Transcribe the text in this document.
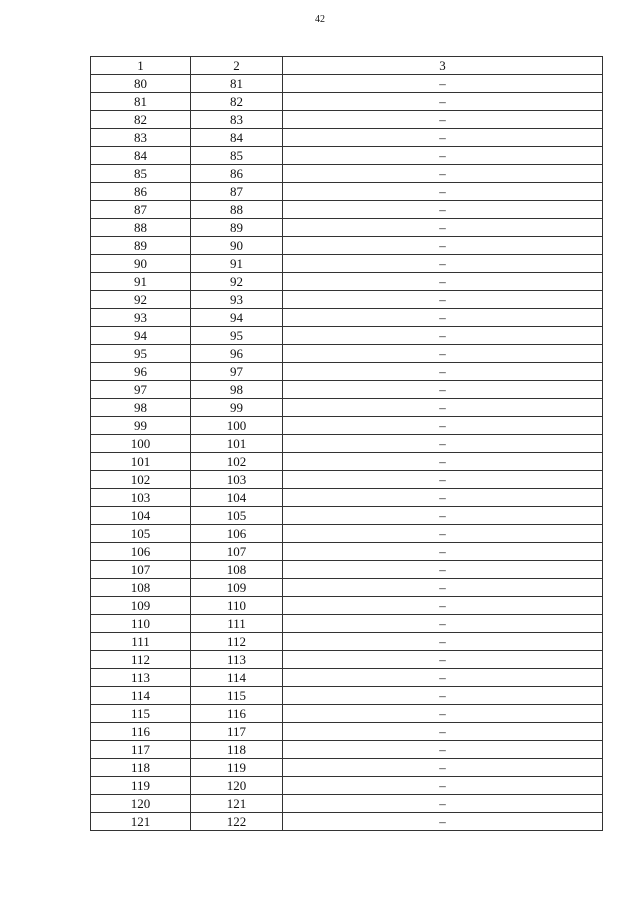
42
1	2	3
80	81	–
81	82	–
82	83	–
83	84	–
84	85	–
85	86	–
86	87	–
87	88	–
88	89	–
89	90	–
90	91	–
91	92	–
92	93	–
93	94	–
94	95	–
95	96	–
96	97	–
97	98	–
98	99	–
99	100	–
100	101	–
101	102	–
102	103	–
103	104	–
104	105	–
105	106	–
106	107	–
107	108	–
108	109	–
109	110	–
110	111	–
111	112	–
112	113	–
113	114	–
114	115	–
115	116	–
116	117	–
117	118	–
118	119	–
119	120	–
120	121	–
121	122	–
